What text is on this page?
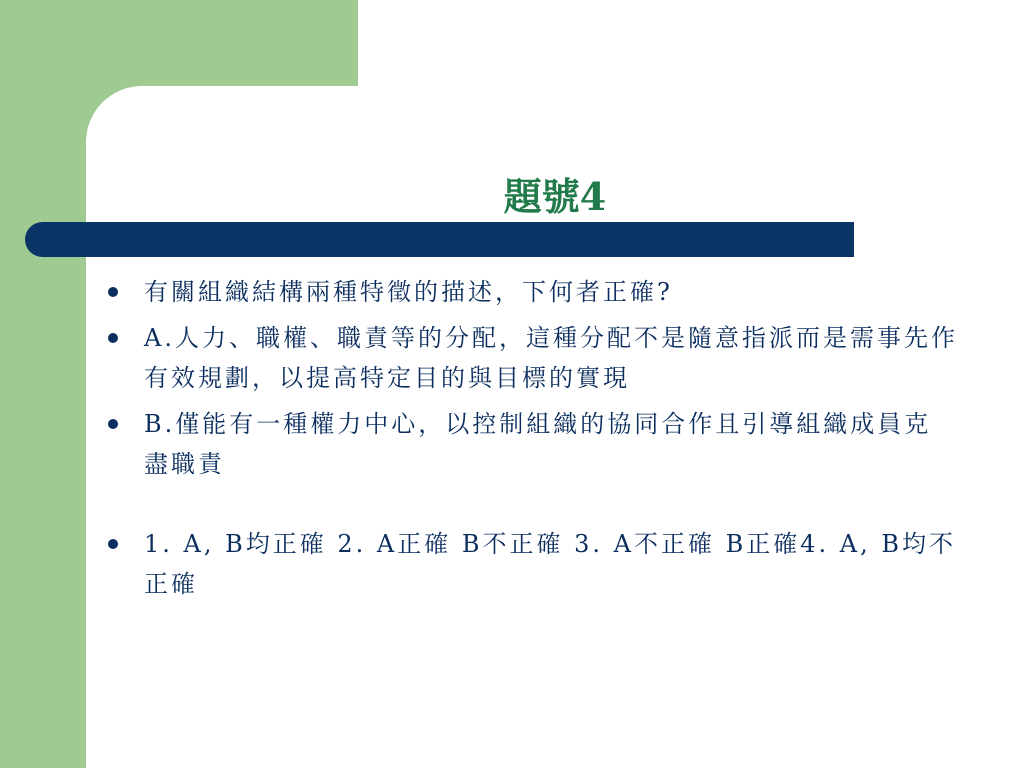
題號4
有關組織結構兩種特徵的描述，下何者正確?
A.人力、職權、職責等的分配，這種分配不是隨意指派而是需事先作有效規劃，以提高特定目的與目標的實現
B.僅能有一種權力中心，以控制組織的協同合作且引導組織成員克盡職責
1. A, B均正確 2. A正確 B不正確 3. A不正確 B正確4. A, B均不正確
